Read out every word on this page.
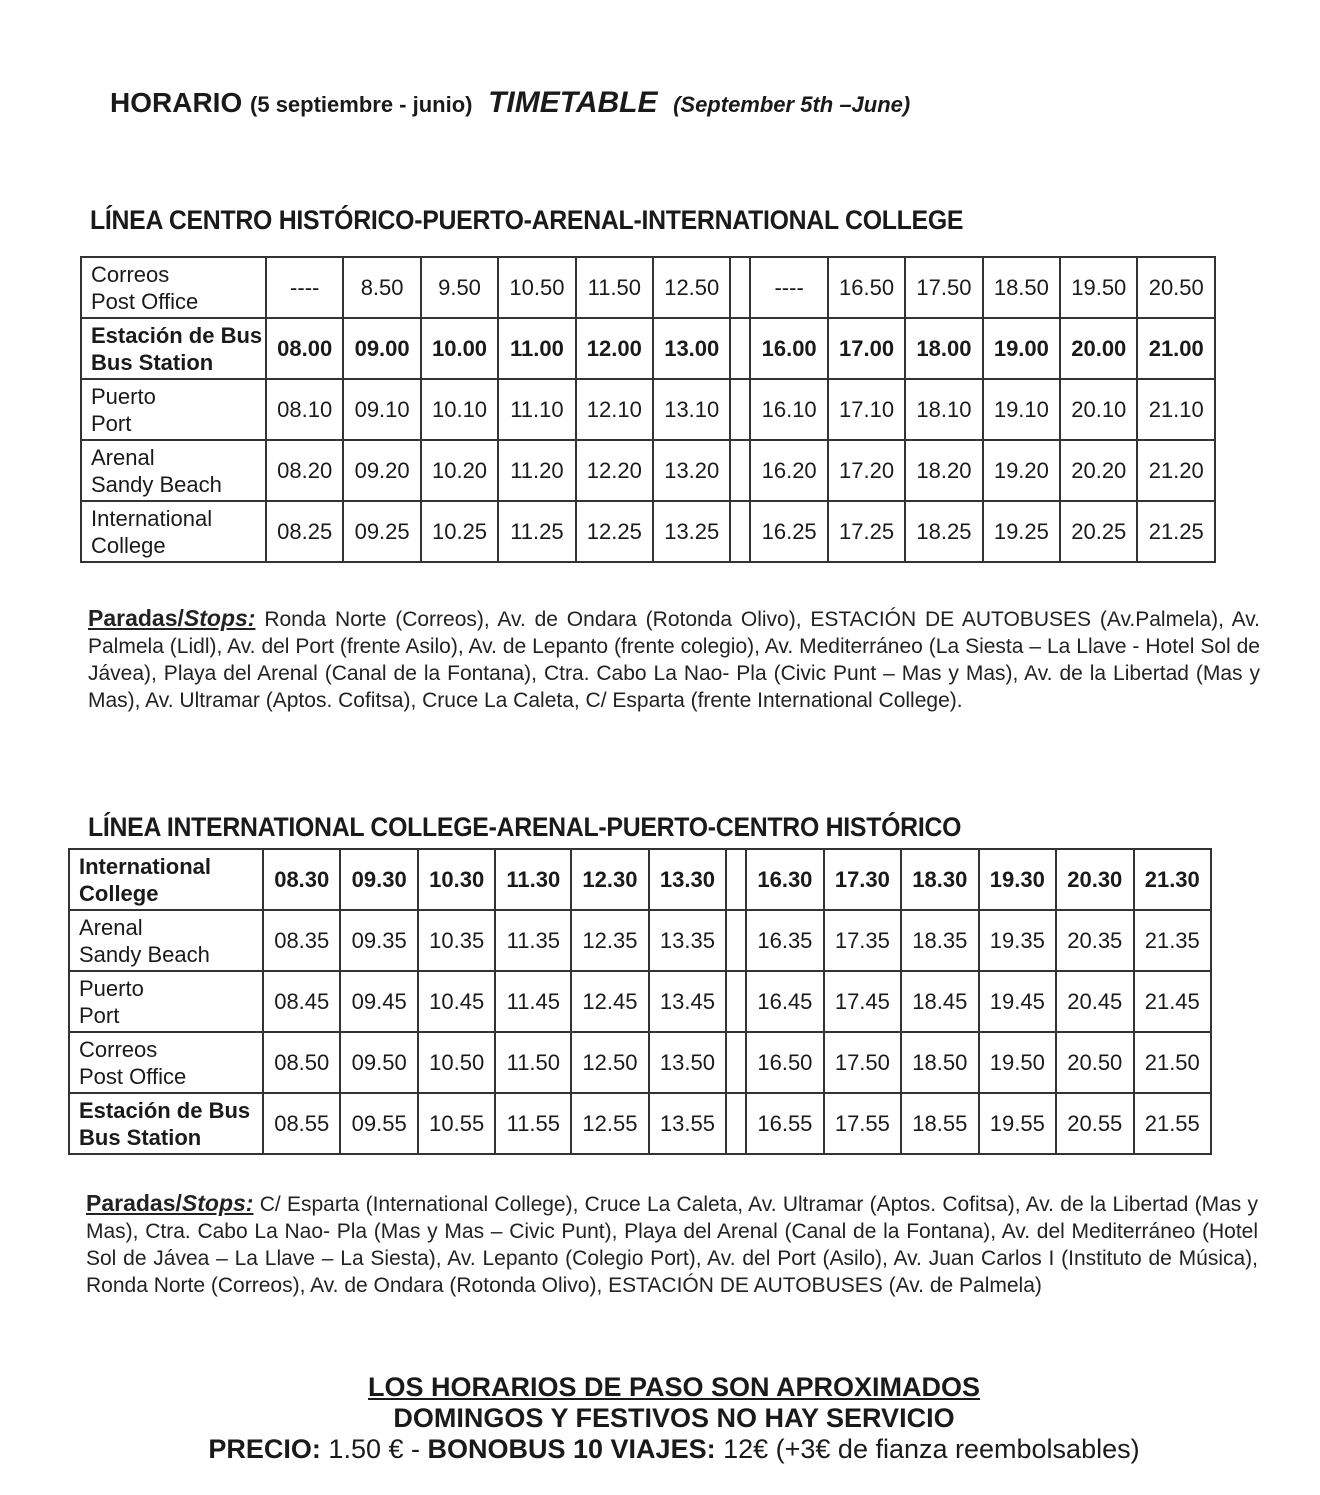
HORARIO (5 septiembre - junio) TIMETABLE (September 5th –June)
LÍNEA CENTRO HISTÓRICO-PUERTO-ARENAL-INTERNATIONAL COLLEGE
Correos
Post Office	----	8.50	9.50	10.50	11.50	12.50		----	16.50	17.50	18.50	19.50	20.50

Estación de Bus
Bus Station	08.00	09.00	10.00	11.00	12.00	13.00		16.00	17.00	18.00	19.00	20.00	21.00

Puerto
Port	08.10	09.10	10.10	11.10	12.10	13.10		16.10	17.10	18.10	19.10	20.10	21.10

Arenal
Sandy Beach	08.20	09.20	10.20	11.20	12.20	13.20		16.20	17.20	18.20	19.20	20.20	21.20

International
College	08.25	09.25	10.25	11.25	12.25	13.25		16.25	17.25	18.25	19.25	20.25	21.25
Paradas/Stops: Ronda Norte (Correos), Av. de Ondara (Rotonda Olivo), ESTACIÓN DE AUTOBUSES (Av.Palmela), Av. Palmela (Lidl), Av. del Port (frente Asilo), Av. de Lepanto (frente colegio), Av. Mediterráneo (La Siesta – La Llave - Hotel Sol de Jávea), Playa del Arenal (Canal de la Fontana), Ctra. Cabo La Nao- Pla (Civic Punt – Mas y Mas), Av. de la Libertad (Mas y Mas), Av. Ultramar (Aptos. Cofitsa), Cruce La Caleta, C/ Esparta (frente International College).
LÍNEA INTERNATIONAL COLLEGE-ARENAL-PUERTO-CENTRO HISTÓRICO
International
College	08.30	09.30	10.30	11.30	12.30	13.30		16.30	17.30	18.30	19.30	20.30	21.30

Arenal
Sandy Beach	08.35	09.35	10.35	11.35	12.35	13.35		16.35	17.35	18.35	19.35	20.35	21.35

Puerto
Port	08.45	09.45	10.45	11.45	12.45	13.45		16.45	17.45	18.45	19.45	20.45	21.45

Correos
Post Office	08.50	09.50	10.50	11.50	12.50	13.50		16.50	17.50	18.50	19.50	20.50	21.50

Estación de Bus
Bus Station	08.55	09.55	10.55	11.55	12.55	13.55		16.55	17.55	18.55	19.55	20.55	21.55
Paradas/Stops: C/ Esparta (International College), Cruce La Caleta, Av. Ultramar (Aptos. Cofitsa), Av. de la Libertad (Mas y Mas), Ctra. Cabo La Nao- Pla (Mas y Mas – Civic Punt), Playa del Arenal (Canal de la Fontana), Av. del Mediterráneo (Hotel Sol de Jávea – La Llave – La Siesta), Av. Lepanto (Colegio Port), Av. del Port (Asilo), Av. Juan Carlos I (Instituto de Música), Ronda Norte (Correos), Av. de Ondara (Rotonda Olivo), ESTACIÓN DE AUTOBUSES (Av. de Palmela)
LOS HORARIOS DE PASO SON APROXIMADOS
DOMINGOS Y FESTIVOS NO HAY SERVICIO
PRECIO: 1.50 € - BONOBUS 10 VIAJES: 12€ (+3€ de fianza reembolsables)
